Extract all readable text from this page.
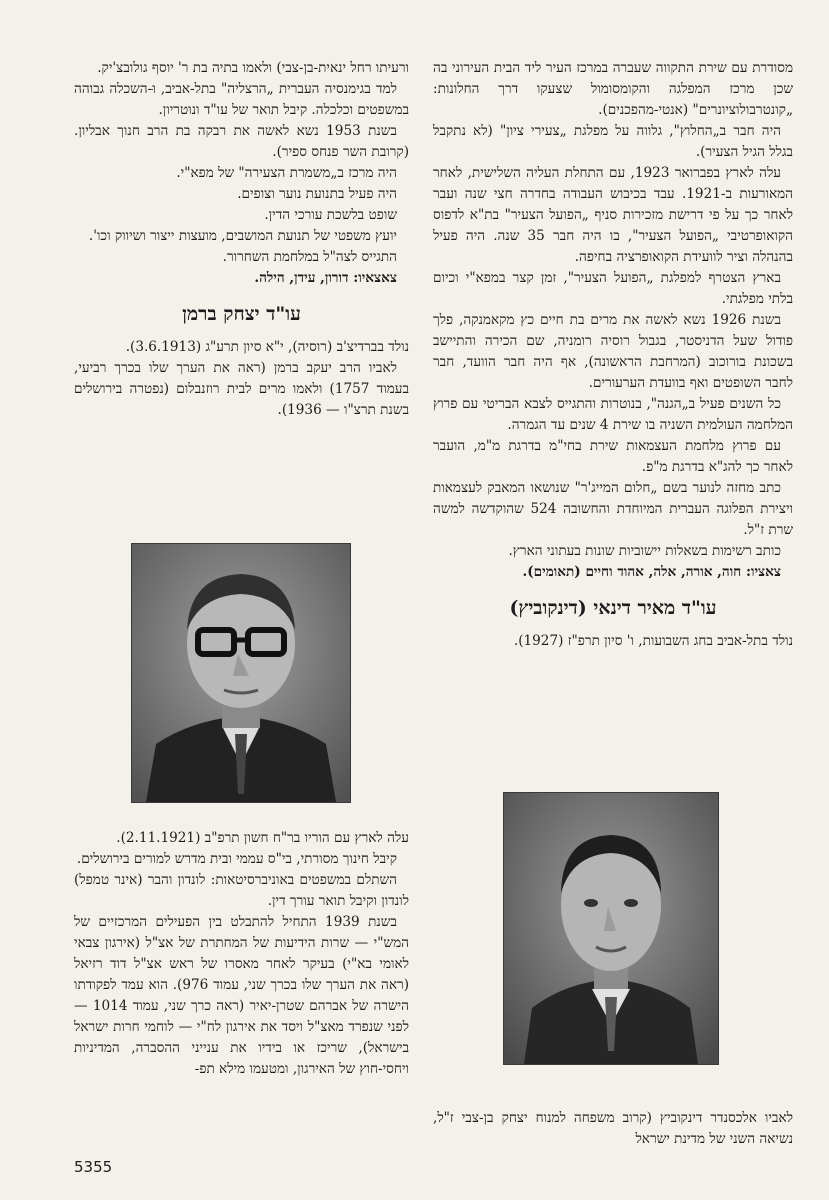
מסודרת עם שירת התקווה שעברה במרכז העיר ליד הבית העירוני בה שכן מרכז המפלגה והקומסומול שצעקו דרך החלונות: „קונטרבולוציונרים" (אנטי-מהפכנים).

היה חבר ב„החלוץ", גלווה על מפלגת „צעירי ציון" (לא נתקבל בגלל הגיל הצעיר).

עלה לארץ בפברואר 1923, עם התחלת העליה השלישית, לאחר המאורעות ב-1921. עבד בכיבוש העבודה בחדרה חצי שנה ועבר לאחר כך על פי דרישת מזכירות סניף „הפועל הצעיר" בת"א לדפוס הקואופרטיבי „הפועל הצעיר", בו היה חבר 35 שנה. היה פעיל בהנהלה וציר לוועידת הקואופרציה בחיפה.

בארץ הצטרף למפלגת „הפועל הצעיר", זמן קצר במפא"י וכיום בלתי מפלגתי.

בשנת 1926 נשא לאשה את מרים בת חיים כץ מקאמנקה, פלך פודול שעל הדניסטר, בגבול רוסיה רומניה, שם הכירה והתיישב בשכונת בורוכוב (המרחבת הראשונה), אף היה חבר הוועד, חבר לחבר השופטים ואף בוועדת הערעורים.

כל השנים פעיל ב„הגנה", בנוטרות והתגייס לצבא הבריטי עם פרוץ המלחמה העולמית השניה בו שירת 4 שנים עד הגמרה.

עם פרוץ מלחמת העצמאות שירת בחי"מ בדרגת מ"מ, הועבר לאחר כך להג"א בדרגת מ"פ.

כתב מחזה לנוער בשם „חלום המייג'ר" שנושאו המאבק לעצמאות ויצירת הפלוגה העברית המיוחדת והחשובה 524 שהוקדשה למשה שרת ז"ל.

כותב רשימות בשאלות יישוביות שונות בעתוני הארץ.

צאציו: חוה, אורה, אלה, אהוד וחיים (תאומים).

עו"ד מאיר דינאי (דינקוביץ)

נולד בתל-אביב בחג השבועות, ו' סיון תרפ"ז (1927).

לאביו אלכסנדר דינקוביץ (קרוב משפחה למנוח יצחק בן-צבי ז"ל, נשיאה השני של מדינת ישראל

ורעיתו רחל ינאית-בן-צבי) ולאמו בתיה בת ר' יוסף גולובצ'יק.

למד בגימנסיה העברית „הרצליה" בתל-אביב, וּ-השכלה גבוהה במשפטים וכלכלה. קיבל תואר של עו"ד ונוטריון.

בשנת 1953 נשא לאשה את רבקה בת הרב חנוך אבליון. (קרובת השר פנחס ספיר).

היה מרכז ב„משמרת הצעירה" של מפא"י.

היה פעיל בתנועת נוער וצופים.

שופט בלשכת עורכי הדין.

יועץ משפטי של תנועת המושבים, מועצות ייצור ושיווק וכו'.

התגייס לצה"ל במלחמת השחרור.

צאצאיו: דורון, עידן, הילה.

עו"ד יצחק ברמן

נולד בברדיצ'ב (רוסיה), י"א סיון תרע"ג (3.6.1913).

לאביו הרב יעקב ברמן (ראה את הערך שלו בכרך רביעי, בעמוד 1757) ולאמו מרים לבית רוזנבלום (נפטרה בירושלים בשנת תרצ"ו — 1936).

עלה לארץ עם הוריו בר"ח חשון תרפ"ב (2.11.1921).

קיבל חינוך מסורתי, בי"ס עממי ובית מדרש למורים בירושלים.

השתלם במשפטים באוניברסיטאות: לונדון והבר (אינר טמפל) לונדון וקיבל תואר עורך דין.

בשנת 1939 התחיל להתבלט בין הפעילים המרכזיים של המש"י — שרות הידיעות של המחתרת של אצ"ל (אירגון צבאי לאומי בא"י) בעיקר לאחר מאסרו של ראש אצ"ל דוד רזיאל (ראה את הערך שלו בכרך שני, עמוד 976). הוא עמד לפקודתו הישרה של אברהם שטרן-יאיר (ראה כרך שני, עמוד 1014 — לפני שנפרד מאצ"ל ויסד את אירגון לח"י — לוחמי חרות ישראל בישראל), שריכז או בידיו את ענייני ההסברה, המדיניות ויחסי-חוץ של האירגון, ומטעמו מילא תפ-

5355
